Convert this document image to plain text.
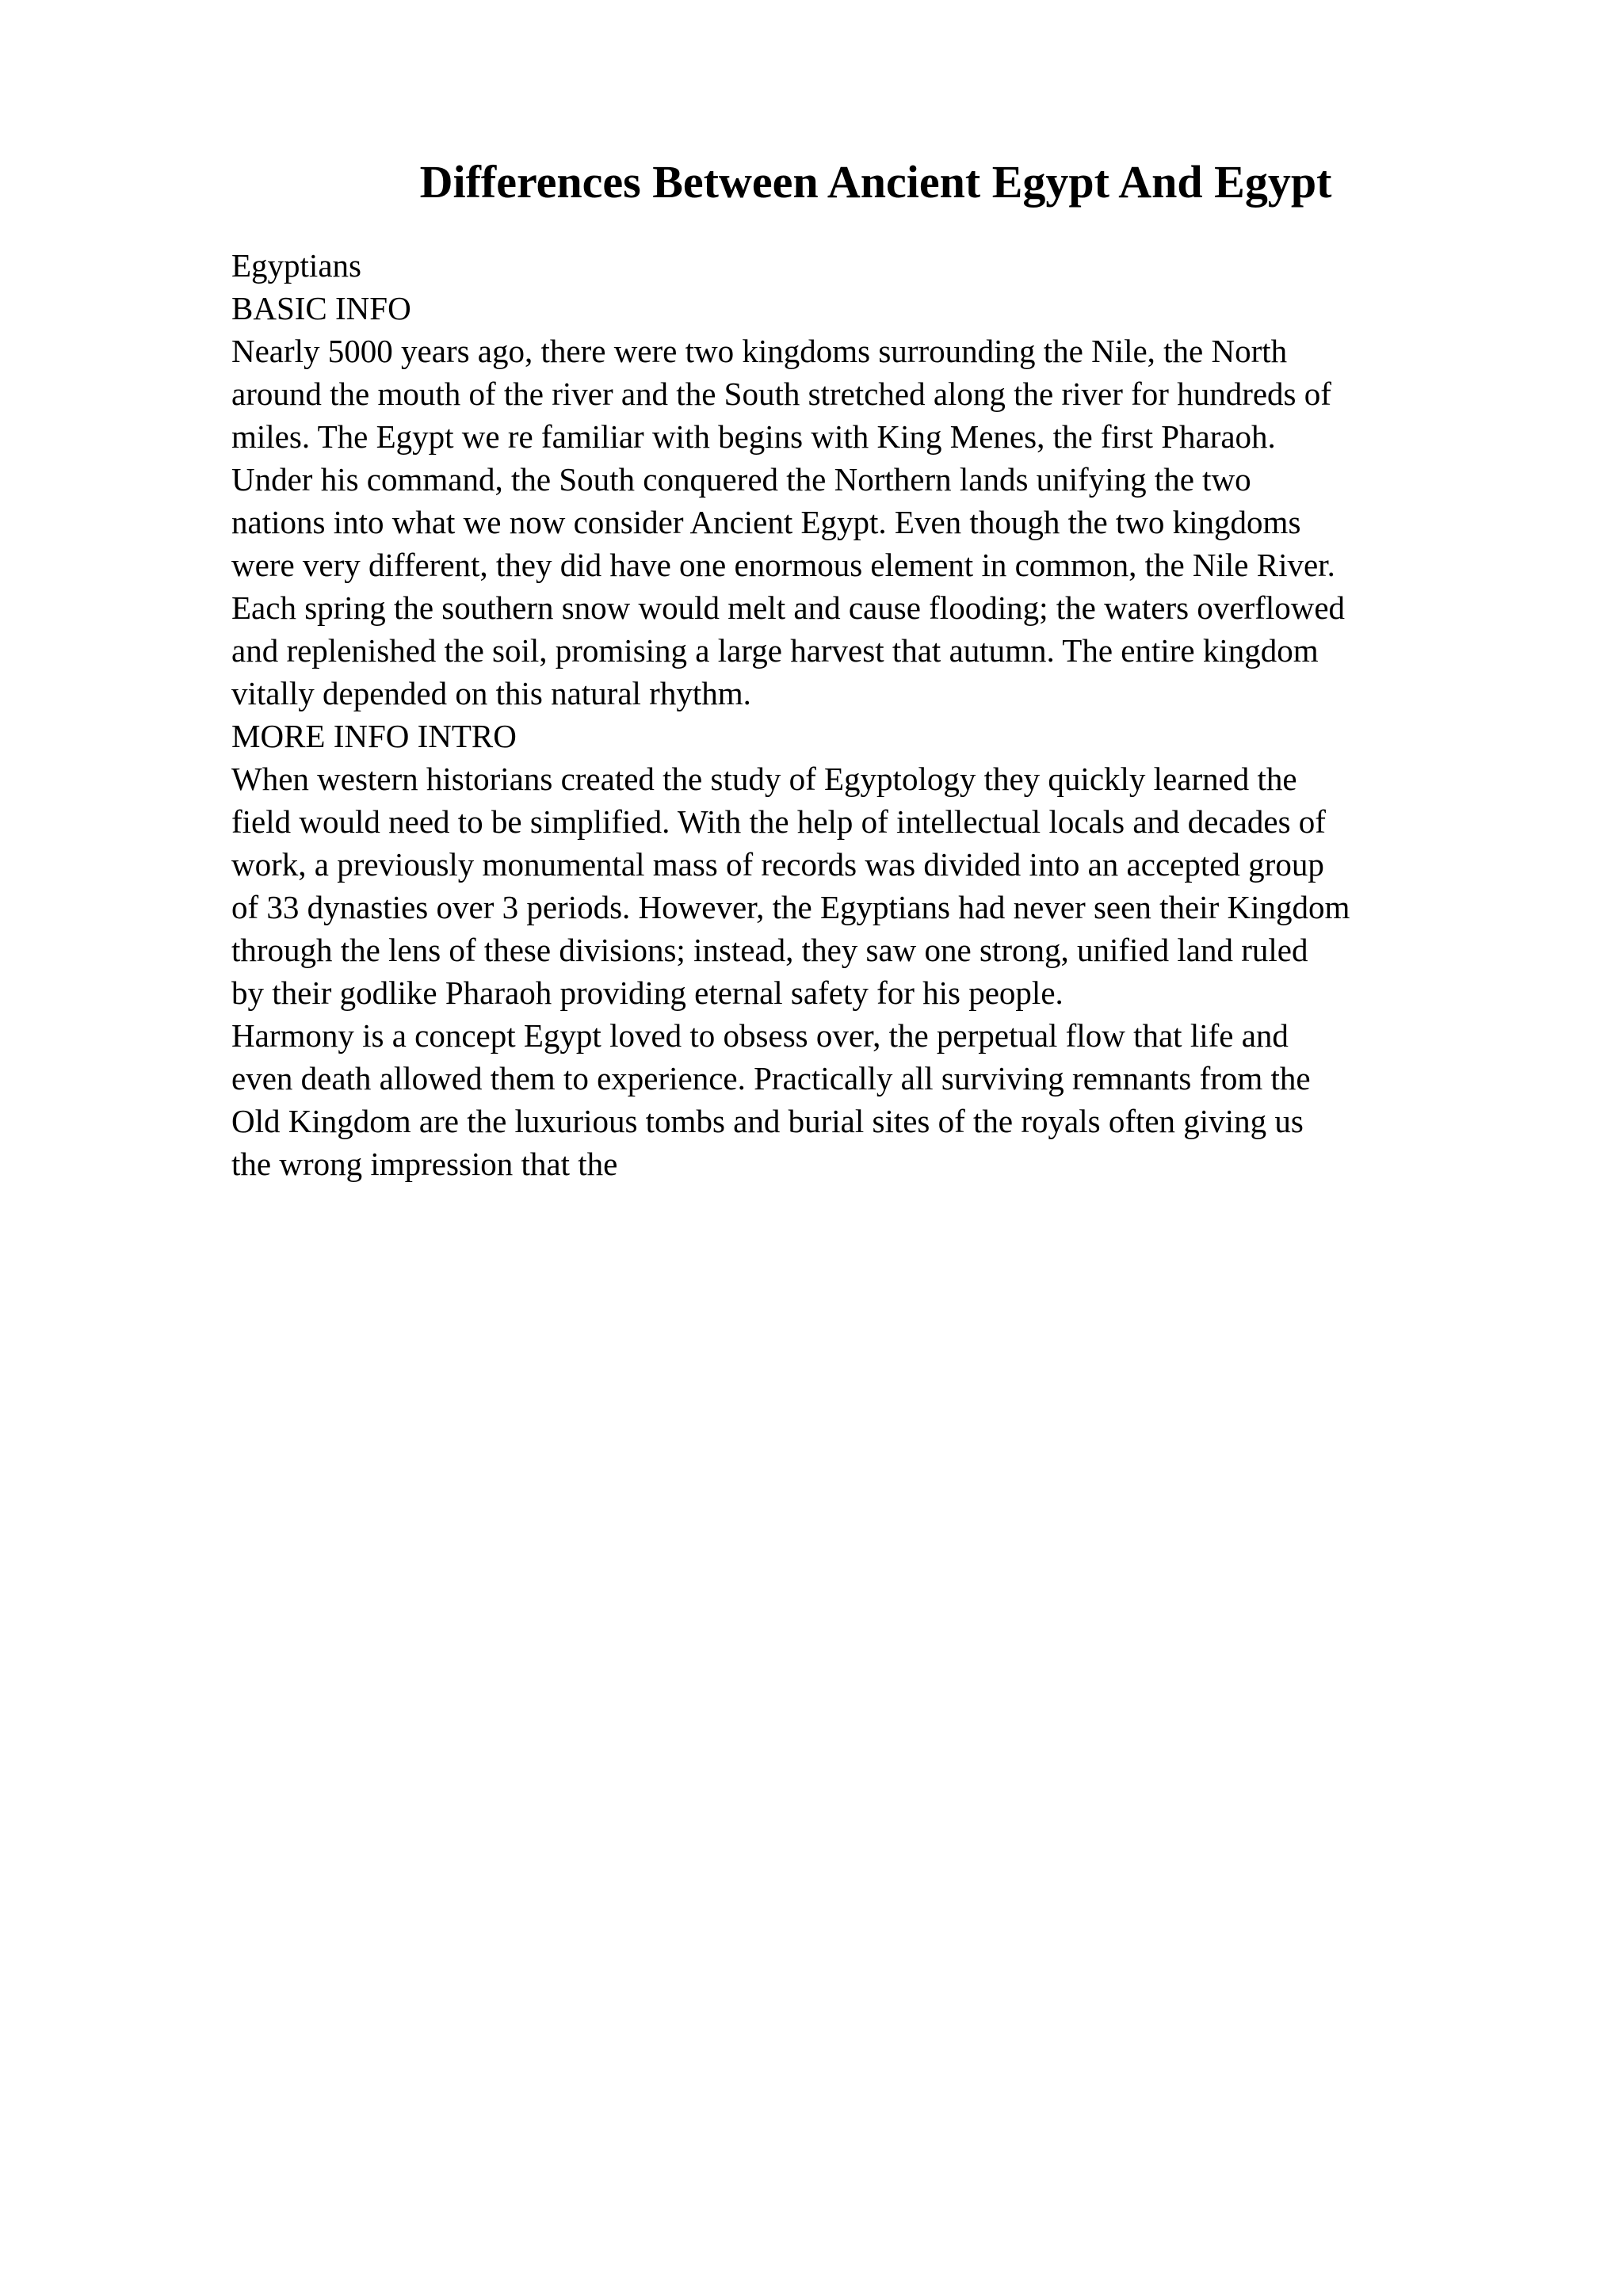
Differences Between Ancient Egypt And Egypt
Egyptians
BASIC INFO
Nearly 5000 years ago, there were two kingdoms surrounding the Nile, the North
around the mouth of the river and the South stretched along the river for hundreds of
miles. The Egypt we re familiar with begins with King Menes, the first Pharaoh.
Under his command, the South conquered the Northern lands unifying the two
nations into what we now consider Ancient Egypt. Even though the two kingdoms
were very different, they did have one enormous element in common, the Nile River.
Each spring the southern snow would melt and cause flooding; the waters overflowed
and replenished the soil, promising a large harvest that autumn. The entire kingdom
vitally depended on this natural rhythm.
MORE INFO INTRO
When western historians created the study of Egyptology they quickly learned the
field would need to be simplified. With the help of intellectual locals and decades of
work, a previously monumental mass of records was divided into an accepted group
of 33 dynasties over 3 periods. However, the Egyptians had never seen their Kingdom
through the lens of these divisions; instead, they saw one strong, unified land ruled
by their godlike Pharaoh providing eternal safety for his people.
Harmony is a concept Egypt loved to obsess over, the perpetual flow that life and
even death allowed them to experience. Practically all surviving remnants from the
Old Kingdom are the luxurious tombs and burial sites of the royals often giving us
the wrong impression that the
